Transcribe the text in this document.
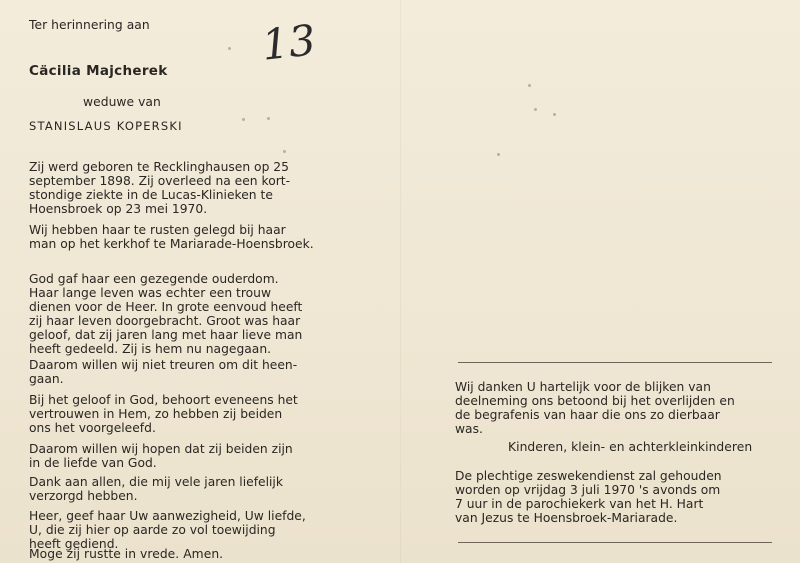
Ter herinnering aan	13
Cäcilia Majcherek
weduwe van
STANISLAUS KOPERSKI
Zij werd geboren te Recklinghausen op 25
september 1898. Zij overleed na een kort-
stondige ziekte in de Lucas-Klinieken te
Hoensbroek op 23 mei 1970.
Wij hebben haar te rusten gelegd bij haar
man op het kerkhof te Mariarade-Hoensbroek.
God gaf haar een gezegende ouderdom.
Haar lange leven was echter een trouw
dienen voor de Heer. In grote eenvoud heeft
zij haar leven doorgebracht. Groot was haar
geloof, dat zij jaren lang met haar lieve man
heeft gedeeld. Zij is hem nu nagegaan.
Daarom willen wij niet treuren om dit heen-
gaan.
Bij het geloof in God, behoort eveneens het
vertrouwen in Hem, zo hebben zij beiden
ons het voorgeleefd.
Daarom willen wij hopen dat zij beiden zijn
in de liefde van God.
Dank aan allen, die mij vele jaren liefelijk
verzorgd hebben.
Heer, geef haar Uw aanwezigheid, Uw liefde,
U, die zij hier op aarde zo vol toewijding
heeft gediend.
Moge zij rustte in vrede. Amen.
Wij danken U hartelijk voor de blijken van
deelneming ons betoond bij het overlijden en
de begrafenis van haar die ons zo dierbaar
was.
Kinderen, klein- en achterkleinkinderen
De plechtige zeswekendienst zal gehouden
worden op vrijdag 3 juli 1970 's avonds om
7 uur in de parochiekerk van het H. Hart
van Jezus te Hoensbroek-Mariarade.
